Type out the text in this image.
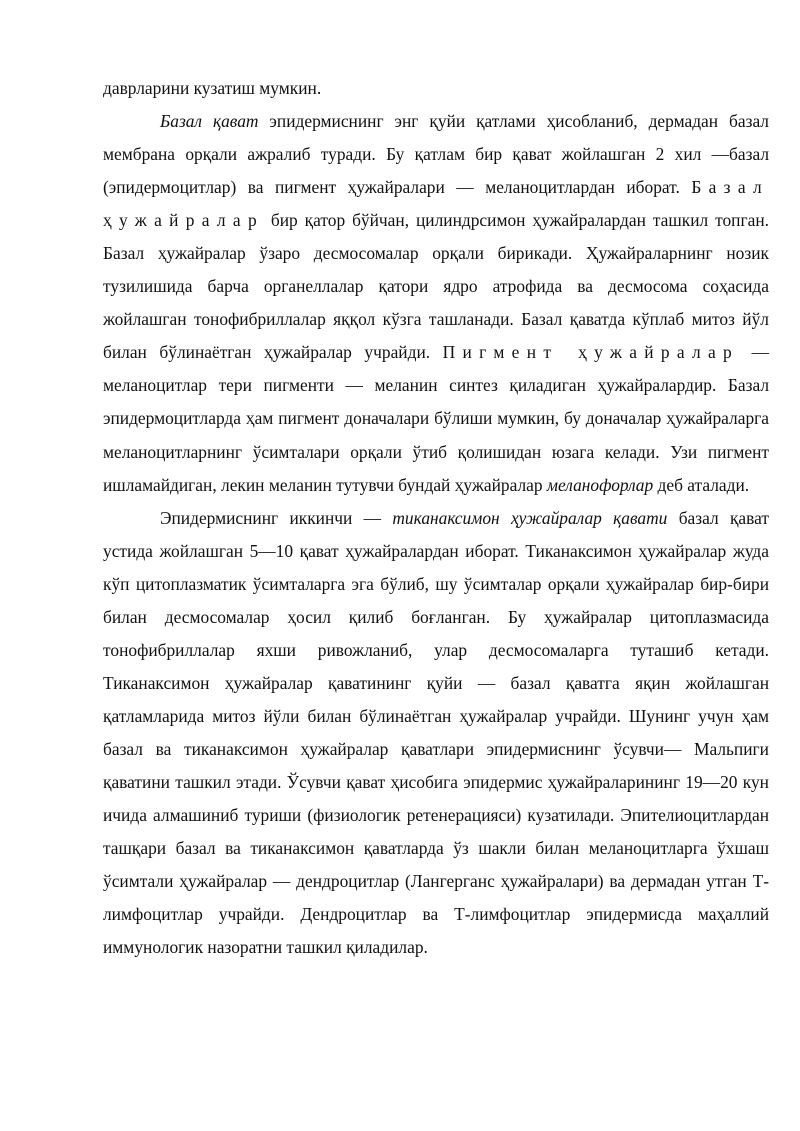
даврларини кузатиш мумкин.

Базал қават эпидермиснинг энг қуйи қатлами ҳисобланиб, дермадан базал мембрана орқали ажралиб туради. Бу қатлам бир қават жойлашган 2 хил —базал (эпидермоцитлар) ва пигмент ҳужайралари — меланоцитлардан иборат. Базал ҳужайралар бир қатор бўйчан, цилиндрсимон ҳужайралардан ташкил топган. Базал ҳужайралар ўзаро десмосомалар орқали бирикади. Ҳужайраларнинг нозик тузилишида барча органеллалар қатори ядро атрофида ва десмосома соҳасида жойлашган тонофибриллалар яққол кўзга ташланади. Базал қаватда кўплаб митоз йўл билан бўлинаётган ҳужайралар учрайди. Пигмент ҳужайралар — меланоцитлар тери пигменти — меланин синтез қиладиган ҳужайралардир. Базал эпидермоцитларда ҳам пигмент доначалари бўлиши мумкин, бу доначалар ҳужайраларга меланоцитларнинг ўсимталари орқали ўтиб қолишидан юзага келади. Узи пигмент ишламайдиган, лекин меланин тутувчи бундай ҳужайралар меланофорлар деб аталади.

Эпидермиснинг иккинчи — тиканаксимон ҳужайралар қавати базал қават устида жойлашган 5—10 қават ҳужайралардан иборат. Тиканаксимон ҳужайралар жуда кўп цитоплазматик ўсимталарга эга бўлиб, шу ўсимталар орқали ҳужайралар бир-бири билан десмосомалар ҳосил қилиб боғланган. Бу ҳужайралар цитоплазмасида тонофибриллалар яхши ривожланиб, улар десмосомаларга туташиб кетади. Тиканаксимон ҳужайралар қаватининг қуйи — базал қаватга яқин жойлашган қатламларида митоз йўли билан бўлинаётган ҳужайралар учрайди. Шунинг учун ҳам базал ва тиканаксимон ҳужайралар қаватлари эпидермиснинг ўсувчи— Мальпиги қаватини ташкил этади. Ўсувчи қават ҳисобига эпидермис ҳужайраларининг 19—20 кун ичида алмашиниб туриши (физиологик ретенерацияси) кузатилади. Эпителиоцитлардан ташқари базал ва тиканаксимон қаватларда ўз шакли билан меланоцитларга ўхшаш ўсимтали ҳужайралар — дендроцитлар (Лангерганс ҳужайралари) ва дермадан утган Т-лимфоцитлар учрайди. Дендроцитлар ва Т-лимфоцитлар эпидермисда маҳаллий иммунологик назоратни ташкил қиладилар.
